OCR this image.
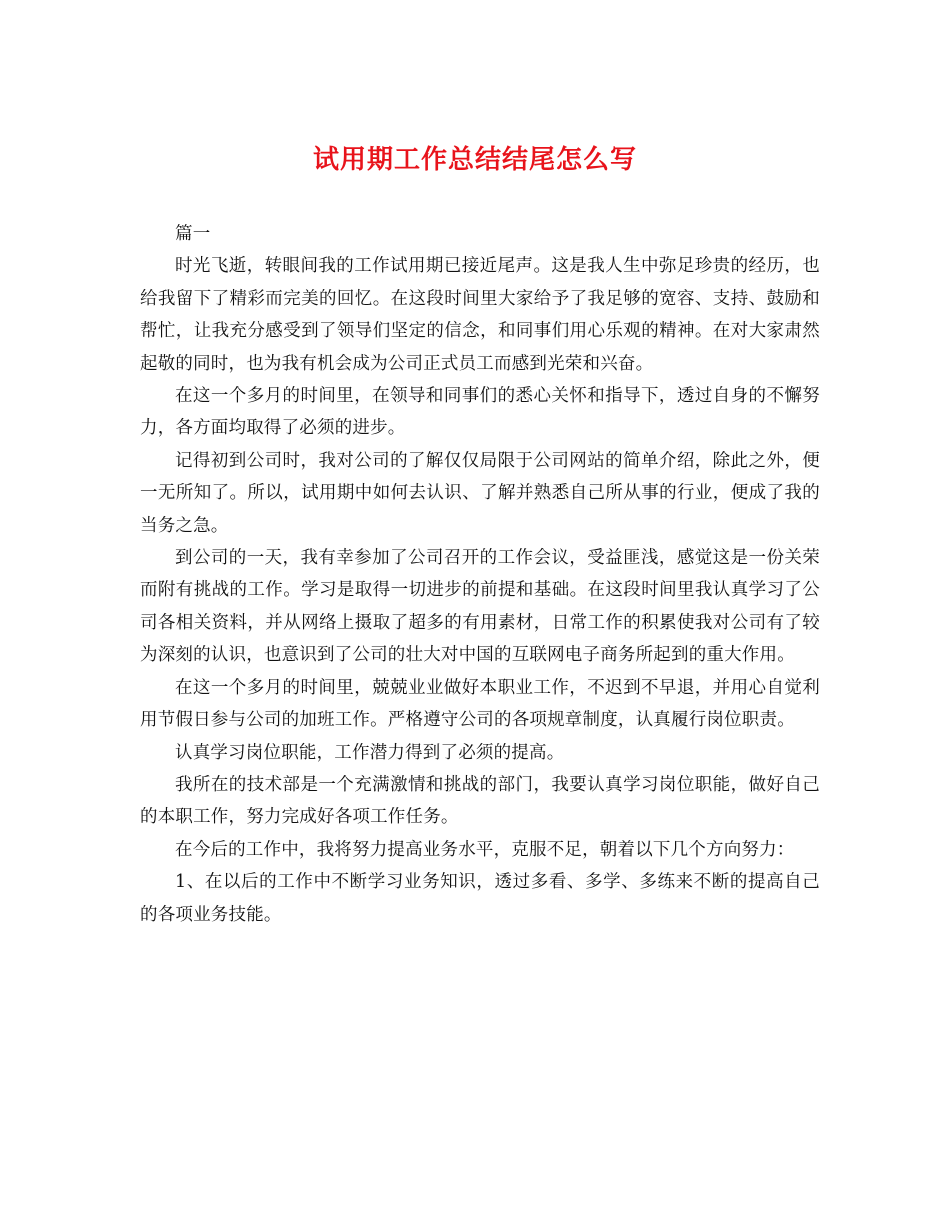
试用期工作总结结尾怎么写

篇一

时光飞逝，转眼间我的工作试用期已接近尾声。这是我人生中弥足珍贵的经历，也给我留下了精彩而完美的回忆。在这段时间里大家给予了我足够的宽容、支持、鼓励和帮忙，让我充分感受到了领导们坚定的信念，和同事们用心乐观的精神。在对大家肃然起敬的同时，也为我有机会成为公司正式员工而感到光荣和兴奋。

在这一个多月的时间里，在领导和同事们的悉心关怀和指导下，透过自身的不懈努力，各方面均取得了必须的进步。

记得初到公司时，我对公司的了解仅仅局限于公司网站的简单介绍，除此之外，便一无所知了。所以，试用期中如何去认识、了解并熟悉自己所从事的行业，便成了我的当务之急。

到公司的一天，我有幸参加了公司召开的工作会议，受益匪浅，感觉这是一份关荣而附有挑战的工作。学习是取得一切进步的前提和基础。在这段时间里我认真学习了公司各相关资料，并从网络上摄取了超多的有用素材，日常工作的积累使我对公司有了较为深刻的认识，也意识到了公司的壮大对中国的互联网电子商务所起到的重大作用。

在这一个多月的时间里，兢兢业业做好本职业工作，不迟到不早退，并用心自觉利用节假日参与公司的加班工作。严格遵守公司的各项规章制度，认真履行岗位职责。

认真学习岗位职能，工作潜力得到了必须的提高。

我所在的技术部是一个充满激情和挑战的部门，我要认真学习岗位职能，做好自己的本职工作，努力完成好各项工作任务。

在今后的工作中，我将努力提高业务水平，克服不足，朝着以下几个方向努力：

1、在以后的工作中不断学习业务知识，透过多看、多学、多练来不断的提高自己的各项业务技能。
